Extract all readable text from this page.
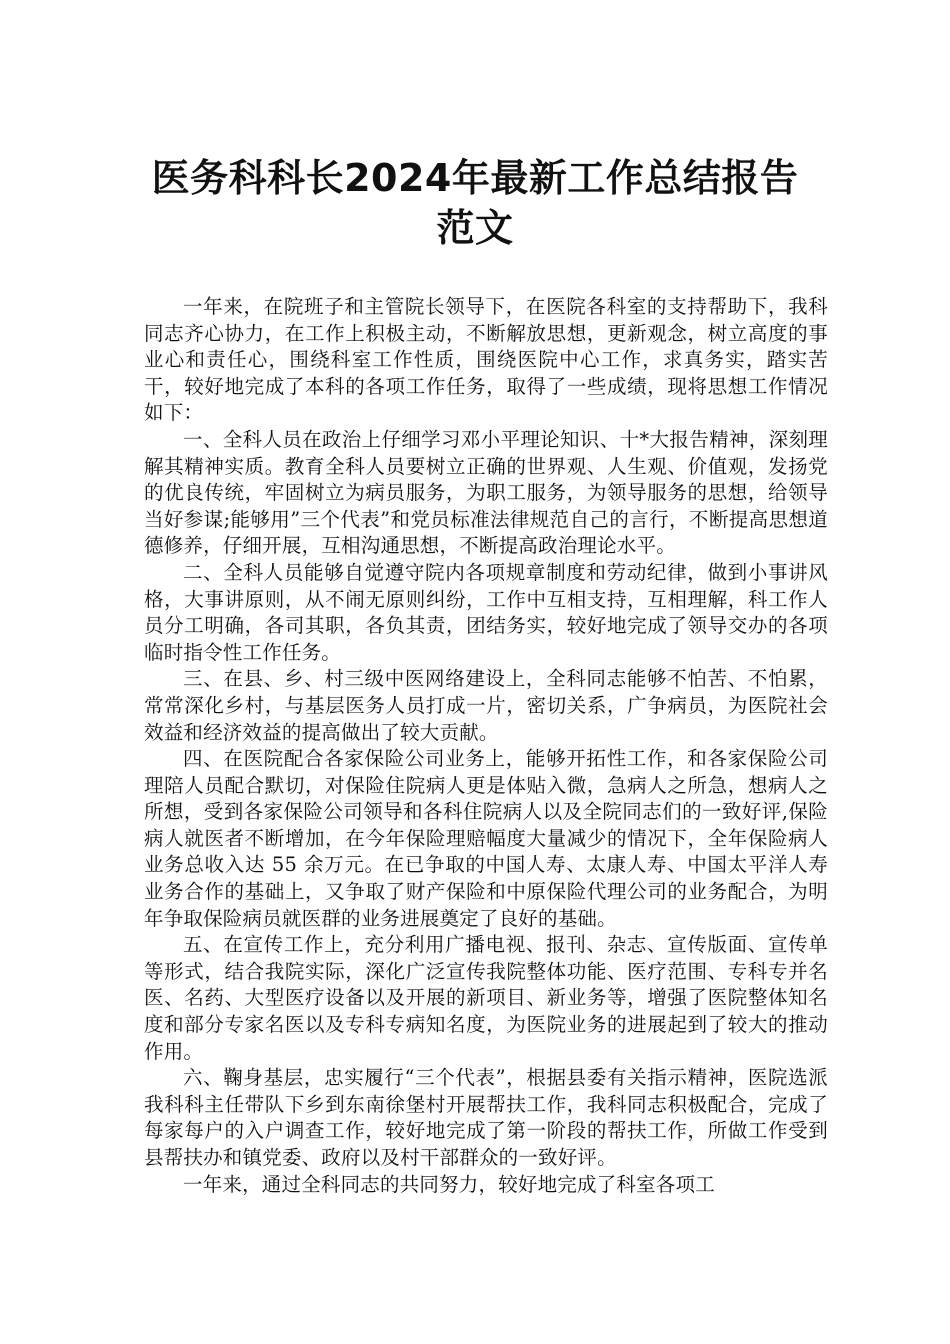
医务科科长2024年最新工作总结报告
范文

一年来，在院班子和主管院长领导下，在医院各科室的支持帮助下，我科同志齐心协力，在工作上积极主动，不断解放思想，更新观念，树立高度的事业心和责任心，围绕科室工作性质，围绕医院中心工作，求真务实，踏实苦干，较好地完成了本科的各项工作任务，取得了一些成绩，现将思想工作情况如下：

一、全科人员在政治上仔细学习邓小平理论知识、十*大报告精神，深刻理解其精神实质。教育全科人员要树立正确的世界观、人生观、价值观，发扬党的优良传统，牢固树立为病员服务，为职工服务，为领导服务的思想，给领导当好参谋;能够用”三个代表”和党员标准法律规范自己的言行，不断提高思想道德修养，仔细开展，互相沟通思想，不断提高政治理论水平。

二、全科人员能够自觉遵守院内各项规章制度和劳动纪律，做到小事讲风格，大事讲原则，从不闹无原则纠纷，工作中互相支持，互相理解，科工作人员分工明确，各司其职，各负其责，团结务实，较好地完成了领导交办的各项临时指令性工作任务。

三、在县、乡、村三级中医网络建设上，全科同志能够不怕苦、不怕累，常常深化乡村，与基层医务人员打成一片，密切关系，广争病员，为医院社会效益和经济效益的提高做出了较大贡献。

四、在医院配合各家保险公司业务上，能够开拓性工作，和各家保险公司理陪人员配合默切，对保险住院病人更是体贴入微，急病人之所急，想病人之所想，受到各家保险公司领导和各科住院病人以及全院同志们的一致好评,保险病人就医者不断增加，在今年保险理赔幅度大量减少的情况下，全年保险病人业务总收入达 55 余万元。在已争取的中国人寿、太康人寿、中国太平洋人寿业务合作的基础上，又争取了财产保险和中原保险代理公司的业务配合，为明年争取保险病员就医群的业务进展奠定了良好的基础。

五、在宣传工作上，充分利用广播电视、报刊、杂志、宣传版面、宣传单等形式，结合我院实际，深化广泛宣传我院整体功能、医疗范围、专科专并名医、名药、大型医疗设备以及开展的新项目、新业务等，增强了医院整体知名度和部分专家名医以及专科专病知名度，为医院业务的进展起到了较大的推动作用。

六、鞠身基层，忠实履行“三个代表”，根据县委有关指示精神，医院选派我科科主任带队下乡到东南徐堡村开展帮扶工作，我科同志积极配合，完成了每家每户的入户调查工作，较好地完成了第一阶段的帮扶工作，所做工作受到县帮扶办和镇党委、政府以及村干部群众的一致好评。

一年来，通过全科同志的共同努力，较好地完成了科室各项工
